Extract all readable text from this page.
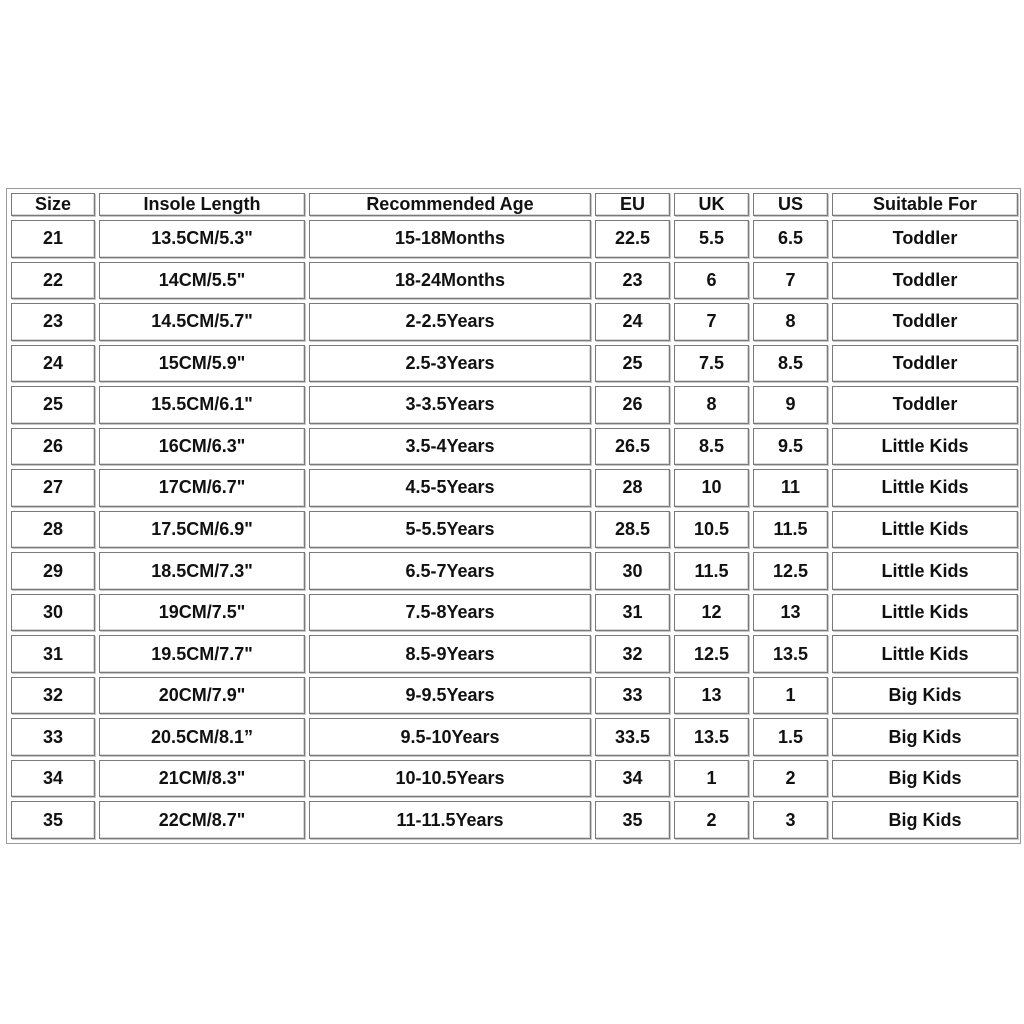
Size	Insole Length	Recommended Age	EU	UK	US	Suitable For
21	13.5CM/5.3"	15-18Months	22.5	5.5	6.5	Toddler
22	14CM/5.5"	18-24Months	23	6	7	Toddler
23	14.5CM/5.7"	2-2.5Years	24	7	8	Toddler
24	15CM/5.9"	2.5-3Years	25	7.5	8.5	Toddler
25	15.5CM/6.1"	3-3.5Years	26	8	9	Toddler
26	16CM/6.3"	3.5-4Years	26.5	8.5	9.5	Little Kids
27	17CM/6.7"	4.5-5Years	28	10	11	Little Kids
28	17.5CM/6.9"	5-5.5Years	28.5	10.5	11.5	Little Kids
29	18.5CM/7.3"	6.5-7Years	30	11.5	12.5	Little Kids
30	19CM/7.5"	7.5-8Years	31	12	13	Little Kids
31	19.5CM/7.7"	8.5-9Years	32	12.5	13.5	Little Kids
32	20CM/7.9"	9-9.5Years	33	13	1	Big Kids
33	20.5CM/8.1”	9.5-10Years	33.5	13.5	1.5	Big Kids
34	21CM/8.3"	10-10.5Years	34	1	2	Big Kids
35	22CM/8.7"	11-11.5Years	35	2	3	Big Kids
